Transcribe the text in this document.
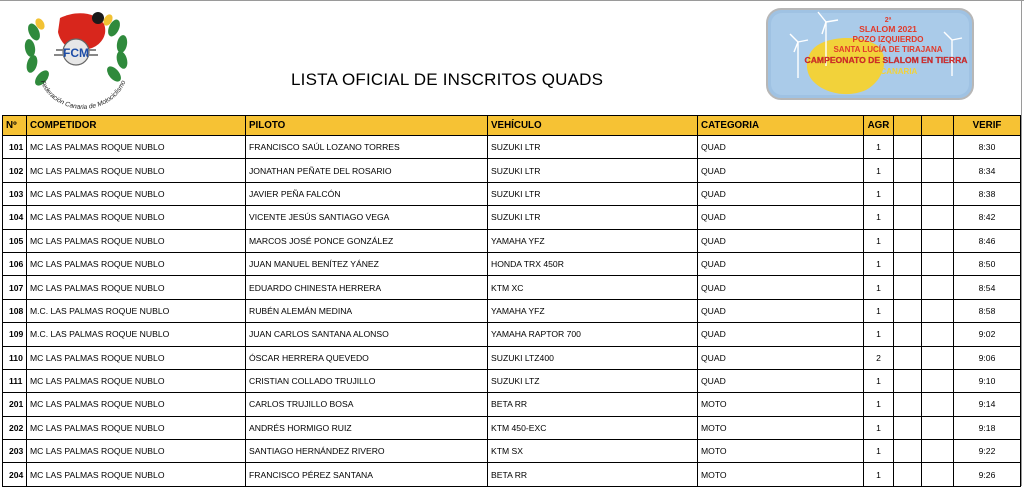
FCM
Federación Canaria de Motociclismo	LISTA OFICIAL DE INSCRITOS QUADS
2ª
SLALOM 2021
POZO IZQUIERDO
SANTA LUCÍA DE TIRAJANA
CAMPEONATO DE SLALOM EN TIERRA
GRAN CANARIA
Nº	COMPETIDOR	PILOTO	VEHÍCULO	CATEGORIA	AGR			VERIF
101	MC LAS PALMAS ROQUE NUBLO	FRANCISCO SAÚL LOZANO TORRES	SUZUKI LTR	QUAD	1			8:30
102	MC LAS PALMAS ROQUE NUBLO	JONATHAN PEÑATE DEL ROSARIO	SUZUKI LTR	QUAD	1			8:34
103	MC LAS PALMAS ROQUE NUBLO	JAVIER PEÑA FALCÓN	SUZUKI LTR	QUAD	1			8:38
104	MC LAS PALMAS ROQUE NUBLO	VICENTE JESÚS SANTIAGO VEGA	SUZUKI LTR	QUAD	1			8:42
105	MC LAS PALMAS ROQUE NUBLO	MARCOS JOSÉ PONCE GONZÁLEZ	YAMAHA YFZ	QUAD	1			8:46
106	MC LAS PALMAS ROQUE NUBLO	JUAN MANUEL BENÍTEZ YÁNEZ	HONDA TRX 450R	QUAD	1			8:50
107	MC LAS PALMAS ROQUE NUBLO	EDUARDO CHINESTA HERRERA	KTM XC	QUAD	1			8:54
108	M.C. LAS PALMAS ROQUE NUBLO	RUBÉN ALEMÁN MEDINA	YAMAHA YFZ	QUAD	1			8:58
109	M.C. LAS PALMAS ROQUE NUBLO	JUAN CARLOS SANTANA ALONSO	YAMAHA RAPTOR 700	QUAD	1			9:02
110	MC LAS PALMAS ROQUE NUBLO	ÓSCAR HERRERA QUEVEDO	SUZUKI LTZ400	QUAD	2			9:06
111	MC LAS PALMAS ROQUE NUBLO	CRISTIAN COLLADO TRUJILLO	SUZUKI LTZ	QUAD	1			9:10
201	MC LAS PALMAS ROQUE NUBLO	CARLOS TRUJILLO BOSA	BETA RR	MOTO	1			9:14
202	MC LAS PALMAS ROQUE NUBLO	ANDRÉS HORMIGO RUIZ	KTM 450-EXC	MOTO	1			9:18
203	MC LAS PALMAS ROQUE NUBLO	SANTIAGO HERNÁNDEZ RIVERO	KTM SX	MOTO	1			9:22
204	MC LAS PALMAS ROQUE NUBLO	FRANCISCO PÉREZ SANTANA	BETA RR	MOTO	1			9:26
